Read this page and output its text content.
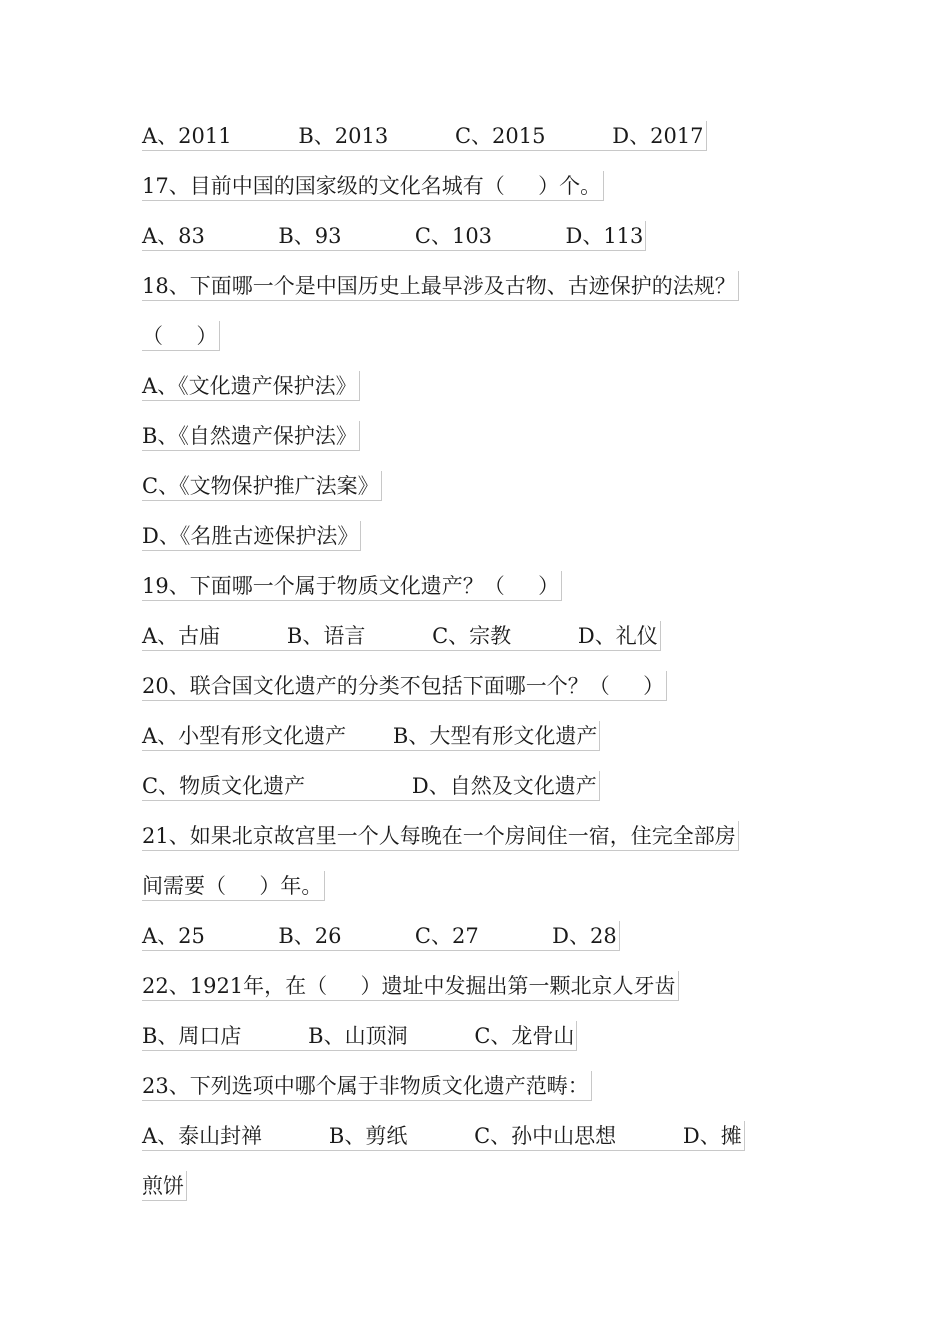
A、2011          B、2013          C、2015          D、2017
17、目前中国的国家级的文化名城有（     ）个。
A、83           B、93           C、103           D、113
18、下面哪一个是中国历史上最早涉及古物、古迹保护的法规？
（     ）
A、《文化遗产保护法》
B、《自然遗产保护法》
C、《文物保护推广法案》
D、《名胜古迹保护法》
19、下面哪一个属于物质文化遗产？（     ）
A、古庙          B、语言          C、宗教          D、礼仪
20、联合国文化遗产的分类不包括下面哪一个？（     ）
A、小型有形文化遗产       B、大型有形文化遗产
C、物质文化遗产                D、自然及文化遗产
21、如果北京故宫里一个人每晚在一个房间住一宿，住完全部房
间需要（     ）年。
A、25           B、26           C、27           D、28
22、1921年，在（     ）遗址中发掘出第一颗北京人牙齿
B、周口店          B、山顶洞          C、龙骨山
23、下列选项中哪个属于非物质文化遗产范畴：
A、泰山封禅          B、剪纸          C、孙中山思想          D、摊
煎饼
